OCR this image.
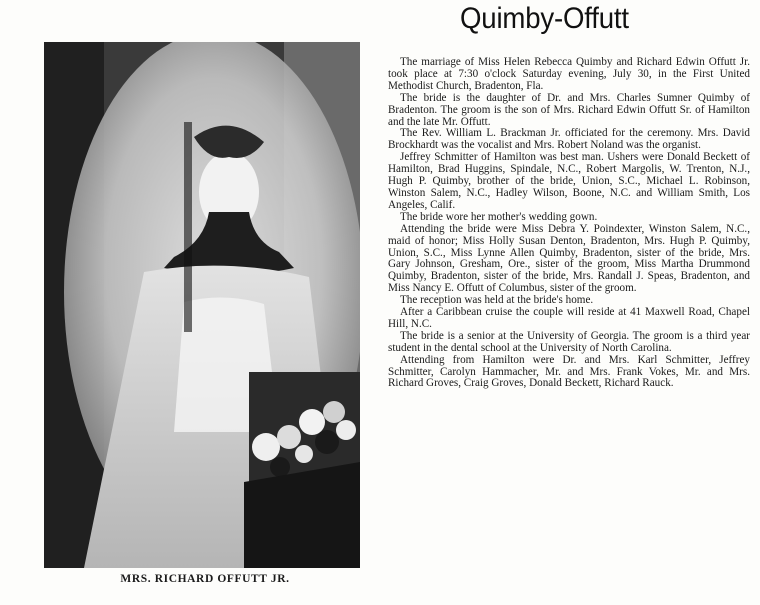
MRS. RICHARD OFFUTT JR.
Quimby-Offutt

The marriage of Miss Helen Rebecca Quimby and Richard Edwin Offutt Jr. took place at 7:30 o'clock Saturday evening, July 30, in the First United Methodist Church, Bradenton, Fla.

The bride is the daughter of Dr. and Mrs. Charles Sumner Quimby of Bradenton. The groom is the son of Mrs. Richard Edwin Offutt Sr. of Hamilton and the late Mr. Offutt.

The Rev. William L. Brackman Jr. officiated for the ceremony. Mrs. David Brockhardt was the vocalist and Mrs. Robert Noland was the organist.

Jeffrey Schmitter of Hamilton was best man. Ushers were Donald Beckett of Hamilton, Brad Huggins, Spindale, N.C., Robert Margolis, W. Trenton, N.J., Hugh P. Quimby, brother of the bride, Union, S.C., Michael L. Robinson, Winston Salem, N.C., Hadley Wilson, Boone, N.C. and William Smith, Los Angeles, Calif.

The bride wore her mother's wedding gown.

Attending the bride were Miss Debra Y. Poindexter, Winston Salem, N.C., maid of honor; Miss Holly Susan Denton, Bradenton, Mrs. Hugh P. Quimby, Union, S.C., Miss Lynne Allen Quimby, Bradenton, sister of the bride, Mrs. Gary Johnson, Gresham, Ore., sister of the groom, Miss Martha Drummond Quimby, Bradenton, sister of the bride, Mrs. Randall J. Speas, Bradenton, and Miss Nancy E. Offutt of Columbus, sister of the groom.

The reception was held at the bride's home.

After a Caribbean cruise the couple will reside at 41 Maxwell Road, Chapel Hill, N.C.

The bride is a senior at the University of Georgia. The groom is a third year student in the dental school at the University of North Carolina.

Attending from Hamilton were Dr. and Mrs. Karl Schmitter, Jeffrey Schmitter, Carolyn Hammacher, Mr. and Mrs. Frank Vokes, Mr. and Mrs. Richard Groves, Craig Groves, Donald Beckett, Richard Rauck.
